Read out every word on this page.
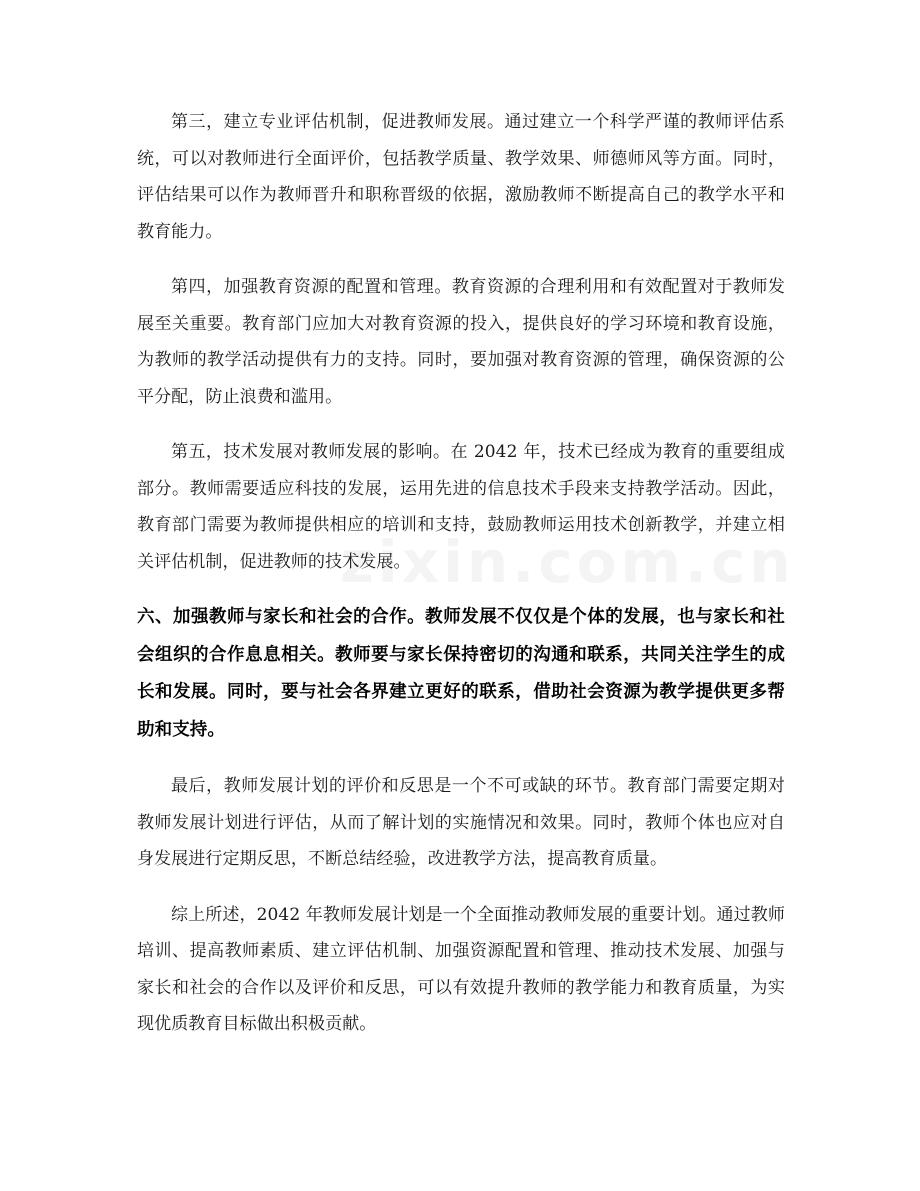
第三，建立专业评估机制，促进教师发展。通过建立一个科学严谨的教师评估系统，可以对教师进行全面评价，包括教学质量、教学效果、师德师风等方面。同时，评估结果可以作为教师晋升和职称晋级的依据，激励教师不断提高自己的教学水平和教育能力。

第四，加强教育资源的配置和管理。教育资源的合理利用和有效配置对于教师发展至关重要。教育部门应加大对教育资源的投入，提供良好的学习环境和教育设施，为教师的教学活动提供有力的支持。同时，要加强对教育资源的管理，确保资源的公平分配，防止浪费和滥用。

第五，技术发展对教师发展的影响。在 2042 年，技术已经成为教育的重要组成部分。教师需要适应科技的发展，运用先进的信息技术手段来支持教学活动。因此，教育部门需要为教师提供相应的培训和支持，鼓励教师运用技术创新教学，并建立相关评估机制，促进教师的技术发展。

六、加强教师与家长和社会的合作。教师发展不仅仅是个体的发展，也与家长和社会组织的合作息息相关。教师要与家长保持密切的沟通和联系，共同关注学生的成长和发展。同时，要与社会各界建立更好的联系，借助社会资源为教学提供更多帮助和支持。

最后，教师发展计划的评价和反思是一个不可或缺的环节。教育部门需要定期对教师发展计划进行评估，从而了解计划的实施情况和效果。同时，教师个体也应对自身发展进行定期反思，不断总结经验，改进教学方法，提高教育质量。

综上所述，2042 年教师发展计划是一个全面推动教师发展的重要计划。通过教师培训、提高教师素质、建立评估机制、加强资源配置和管理、推动技术发展、加强与家长和社会的合作以及评价和反思，可以有效提升教师的教学能力和教育质量，为实现优质教育目标做出积极贡献。
